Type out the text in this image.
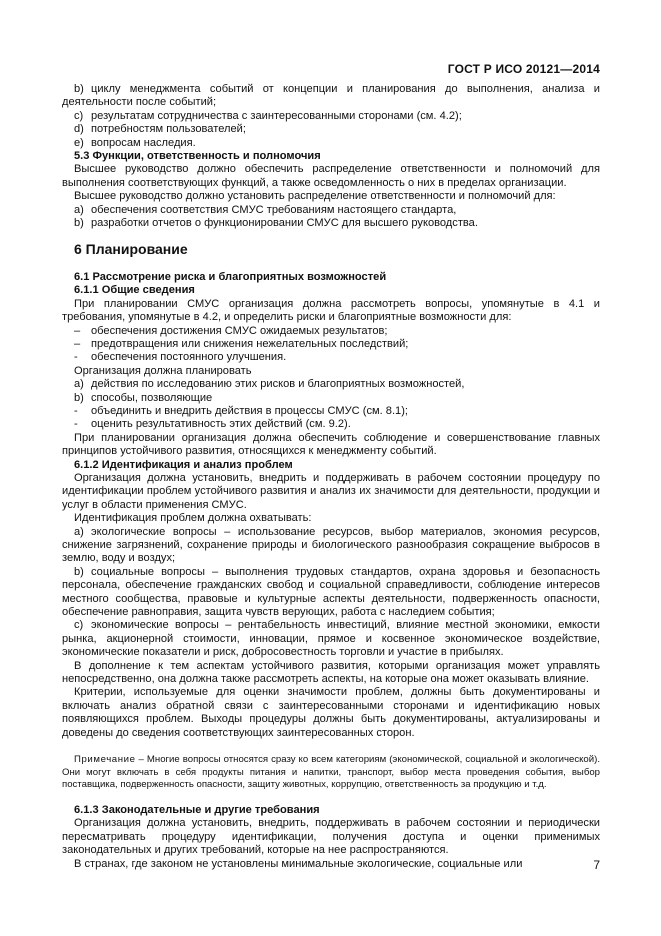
ГОСТ Р ИСО 20121—2014

b) циклу менеджмента событий от концепции и планирования до выполнения, анализа и деятельности после событий;

c) результатам сотрудничества с заинтересованными сторонами (см. 4.2);
d) потребностям пользователей;
e) вопросам наследия.
5.3 Функции, ответственность и полномочия

Высшее руководство должно обеспечить распределение ответственности и полномочий для выполнения соответствующих функций, а также осведомленность о них в пределах организации.

Высшее руководство должно установить распределение ответственности и полномочий для:

a) обеспечения соответствия СМУС требованиям настоящего стандарта,
b) разработки отчетов о функционировании СМУС для высшего руководства.
6 Планирование
6.1 Рассмотрение риска и благоприятных возможностей
6.1.1 Общие сведения

При планировании СМУС организация должна рассмотреть вопросы, упомянутые в 4.1 и требования, упомянутые в 4.2, и определить риски и благоприятные возможности для:

– обеспечения достижения СМУС ожидаемых результатов;
– предотвращения или снижения нежелательных последствий;
-	обеспечения постоянного улучшения.

Организация должна планировать

a) действия по исследованию этих рисков и благоприятных возможностей,
b) способы, позволяющие
-	объединить и внедрить действия в процессы СМУС (см. 8.1);
-	оценить результативность этих действий (см. 9.2).

При планировании организация должна обеспечить соблюдение и совершенствование главных принципов устойчивого развития, относящихся к менеджменту событий.

6.1.2 Идентификация и анализ проблем

Организация должна установить, внедрить и поддерживать в рабочем состоянии процедуру по идентификации проблем устойчивого развития и анализ их значимости для деятельности, продукции и услуг в области применения СМУС.

Идентификация проблем должна охватывать:

a) экологические вопросы – использование ресурсов, выбор материалов, экономия ресурсов, снижение загрязнений, сохранение природы и биологического разнообразия сокращение выбросов в землю, воду и воздух;

b) социальные вопросы – выполнения трудовых стандартов, охрана здоровья и безопасность персонала, обеспечение гражданских свобод и социальной справедливости, соблюдение интересов местного сообщества, правовые и культурные аспекты деятельности, подверженность опасности, обеспечение равноправия, защита чувств верующих, работа с наследием события;

c) экономические вопросы – рентабельность инвестиций, влияние местной экономики, емкости рынка, акционерной стоимости, инновации, прямое и косвенное экономическое воздействие, экономические показатели и риск, добросовестность торговли и участие в прибылях.

В дополнение к тем аспектам устойчивого развития, которыми организация может управлять непосредственно, она должна также рассмотреть аспекты, на которые она может оказывать влияние.

Критерии, используемые для оценки значимости проблем, должны быть документированы и включать анализ обратной связи с заинтересованными сторонами и идентификацию новых появляющихся проблем. Выходы процедуры должны быть документированы, актуализированы и доведены до сведения соответствующих заинтересованных сторон.

Примечание – Многие вопросы относятся сразу ко всем категориям (экономической, социальной и экологической). Они могут включать в себя продукты питания и напитки, транспорт, выбор места проведения события, выбор поставщика, подверженность опасности, защиту животных, коррупцию, ответственность за продукцию и т.д.

6.1.3 Законодательные и другие требования

Организация должна установить, внедрить, поддерживать в рабочем состоянии и периодически пересматривать процедуру идентификации, получения доступа и оценки применимых законодательных и других требований, которые на нее распространяются.

В странах, где законом не установлены минимальные экологические, социальные или	7
